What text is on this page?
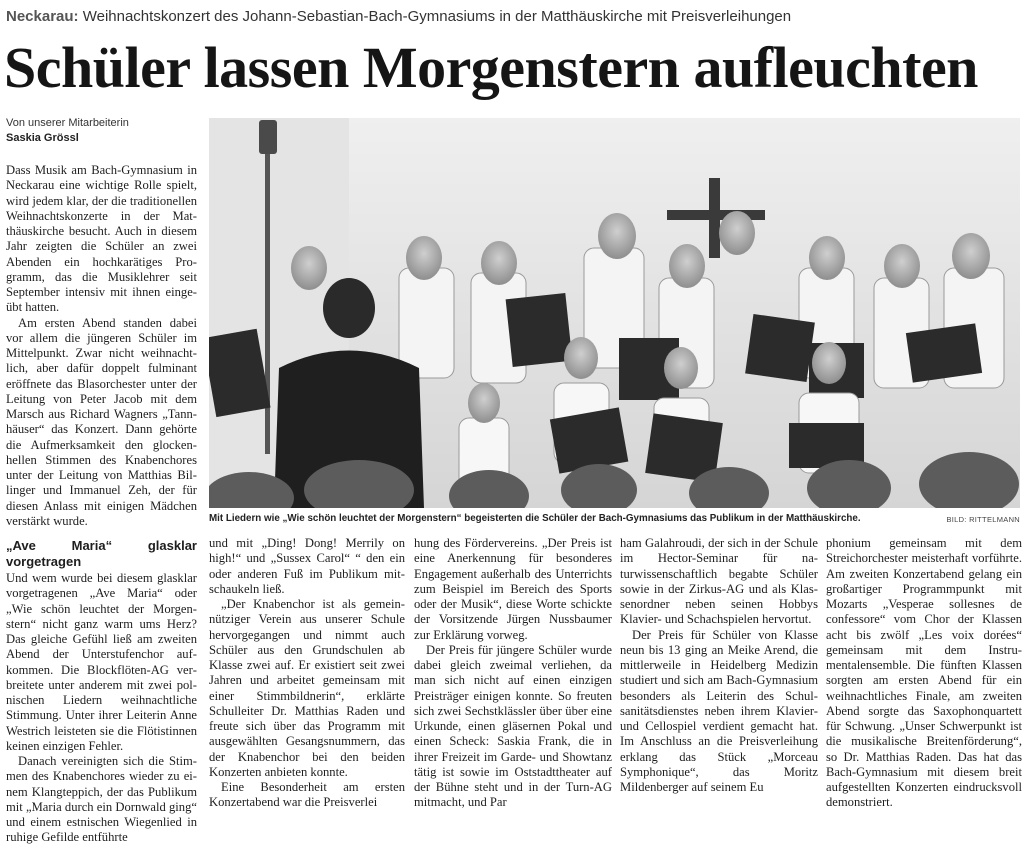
Neckarau: Weihnachtskonzert des Johann-Sebastian-Bach-Gymnasiums in der Matthäuskirche mit Preisverleihungen
Schüler lassen Morgenstern aufleuchten
Von unserer Mitarbeiterin
Saskia Grössl

Dass Musik am Bach-Gymnasium in Neckarau eine wichtige Rolle spielt, wird jedem klar, der die traditionellen Weihnachtskonzerte in der Matthäuskirche besucht. Auch in diesem Jahr zeigten die Schüler an zwei Abenden ein hochkarätiges Programm, das die Musiklehrer seit September intensiv mit ihnen eingeübt hatten.

Am ersten Abend standen dabei vor allem die jüngeren Schüler im Mittelpunkt. Zwar nicht weihnachtlich, aber dafür doppelt fulminant eröffnete das Blasorchester unter der Leitung von Peter Jacob mit dem Marsch aus Richard Wagners „Tannhäuser“ das Konzert. Dann gehörte die Aufmerksamkeit den glockenhellen Stimmen des Knabenchores unter der Leitung von Matthias Billinger und Immanuel Zeh, der für diesen Anlass mit einigen Mädchen verstärkt wurde.

„Ave Maria“ glasklar vorgetragen

Und wem wurde bei diesem glasklar vorgetragenen „Ave Maria“ oder „Wie schön leuchtet der Morgenstern“ nicht ganz warm ums Herz? Das gleiche Gefühl ließ am zweiten Abend der Unterstufenchor aufkommen. Die Blockflöten-AG verbreitete unter anderem mit zwei polnischen Liedern weihnachtliche Stimmung. Unter ihrer Leiterin Anne Westrich leisteten sie die Flötistinnen keinen einzigen Fehler.

Danach vereinigten sich die Stimmen des Knabenchores wieder zu einem Klangteppich, der das Publikum mit „Maria durch ein Dornwald ging“ und einem estnischen Wiegenlied in ruhige Gefilde entführte

Mit Liedern wie „Wie schön leuchtet der Morgenstern“ begeisterten die Schüler der Bach-Gymnasiums das Publikum in der Matthäuskirche.	BILD: RITTELMANN

und mit „Ding! Dong! Merrily on high!“ und „Sussex Carol“ “ den ein oder anderen Fuß im Publikum mitschaukeln ließ.

„Der Knabenchor ist als gemeinnütziger Verein aus unserer Schule hervorgegangen und nimmt auch Schüler aus den Grundschulen ab Klasse zwei auf. Er existiert seit zwei Jahren und arbeitet gemeinsam mit einer Stimmbildnerin“, erklärte Schulleiter Dr. Matthias Raden und freute sich über das Programm mit ausgewählten Gesangsnummern, das der Knabenchor bei den beiden Konzerten anbieten konnte.

Eine Besonderheit am ersten Konzertabend war die Preisverlei

hung des Fördervereins. „Der Preis ist eine Anerkennung für besonderes Engagement außerhalb des Unterrichts zum Beispiel im Bereich des Sports oder der Musik“, diese Worte schickte der Vorsitzende Jürgen Nussbaumer zur Erklärung vorweg.

Der Preis für jüngere Schüler wurde dabei gleich zweimal verliehen, da man sich nicht auf einen einzigen Preisträger einigen konnte. So freuten sich zwei Sechstklässler über über eine Urkunde, einen gläsernen Pokal und einen Scheck: Saskia Frank, die in ihrer Freizeit im Garde- und Showtanz tätig ist sowie im Oststadttheater auf der Bühne steht und in der Turn-AG mitmacht, und Par

ham Galahroudi, der sich in der Schule im Hector-Seminar für naturwissenschaftlich begabte Schüler sowie in der Zirkus-AG und als Klassenordner neben seinen Hobbys Klavier- und Schachspielen hervortut.

Der Preis für Schüler von Klasse neun bis 13 ging an Meike Arend, die mittlerweile in Heidelberg Medizin studiert und sich am Bach-Gymnasium besonders als Leiterin des Schulsanitätsdienstes neben ihrem Klavier- und Cellospiel verdient gemacht hat. Im Anschluss an die Preisverleihung erklang das Stück „Morceau Symphonique“, das Moritz Mildenberger auf seinem Eu

phonium gemeinsam mit dem Streichorchester meisterhaft vorführte. Am zweiten Konzertabend gelang ein großartiger Programmpunkt mit Mozarts „Vesperae sollesnes de confessore“ vom Chor der Klassen acht bis zwölf „Les voix dorées“ gemeinsam mit dem Instrumentalensemble. Die fünften Klassen sorgten am ersten Abend für ein weihnachtliches Finale, am zweiten Abend sorgte das Saxophonquartett für Schwung. „Unser Schwerpunkt ist die musikalische Breitenförderung“, so Dr. Matthias Raden. Das hat das Bach-Gymnasium mit diesem breit aufgestellten Konzerten eindrucksvoll demonstriert.
